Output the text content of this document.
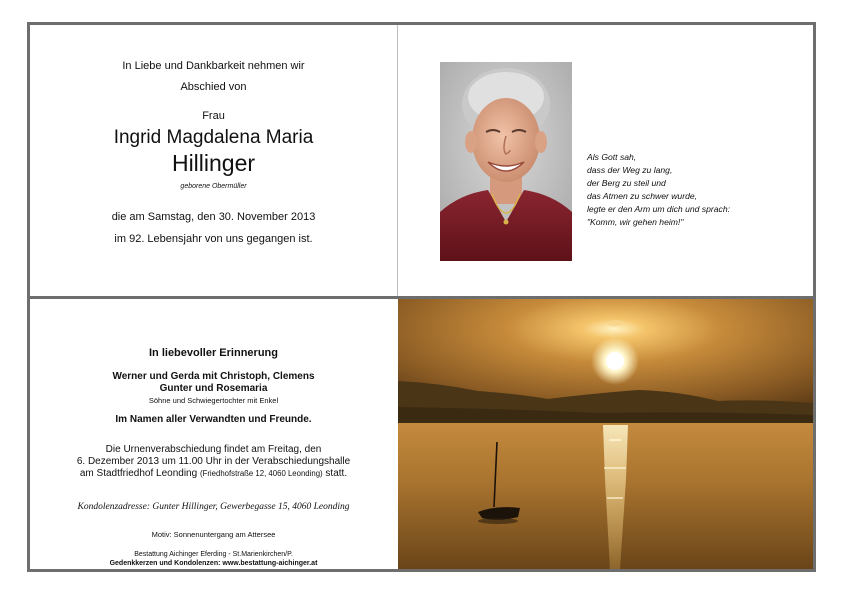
In Liebe und Dankbarkeit nehmen wir
Abschied von
Frau
Ingrid Magdalena Maria
Hillinger
geborene Obermüller
die am Samstag, den 30. November 2013
im 92. Lebensjahr von uns gegangen ist.
Als Gott sah,
dass der Weg zu lang,
der Berg zu steil und
das Atmen zu schwer wurde,
legte er den Arm um dich und sprach:
"Komm, wir gehen heim!"
In liebevoller Erinnerung
Werner und Gerda mit Christoph, Clemens
Gunter und Rosemaria
Söhne und Schwiegertochter mit Enkel
Im Namen aller Verwandten und Freunde.
Die Urnenverabschiedung findet am Freitag, den
6. Dezember 2013 um 11.00 Uhr in der Verabschiedungshalle
am Stadtfriedhof Leonding (Friedhofstraße 12, 4060 Leonding) statt.
Kondolenzadresse: Gunter Hillinger, Gewerbegasse 15, 4060 Leonding
Motiv: Sonnenuntergang am Attersee
Bestattung Aichinger Eferding - St.Marienkirchen/P.
Gedenkkerzen und Kondolenzen: www.bestattung-aichinger.at
